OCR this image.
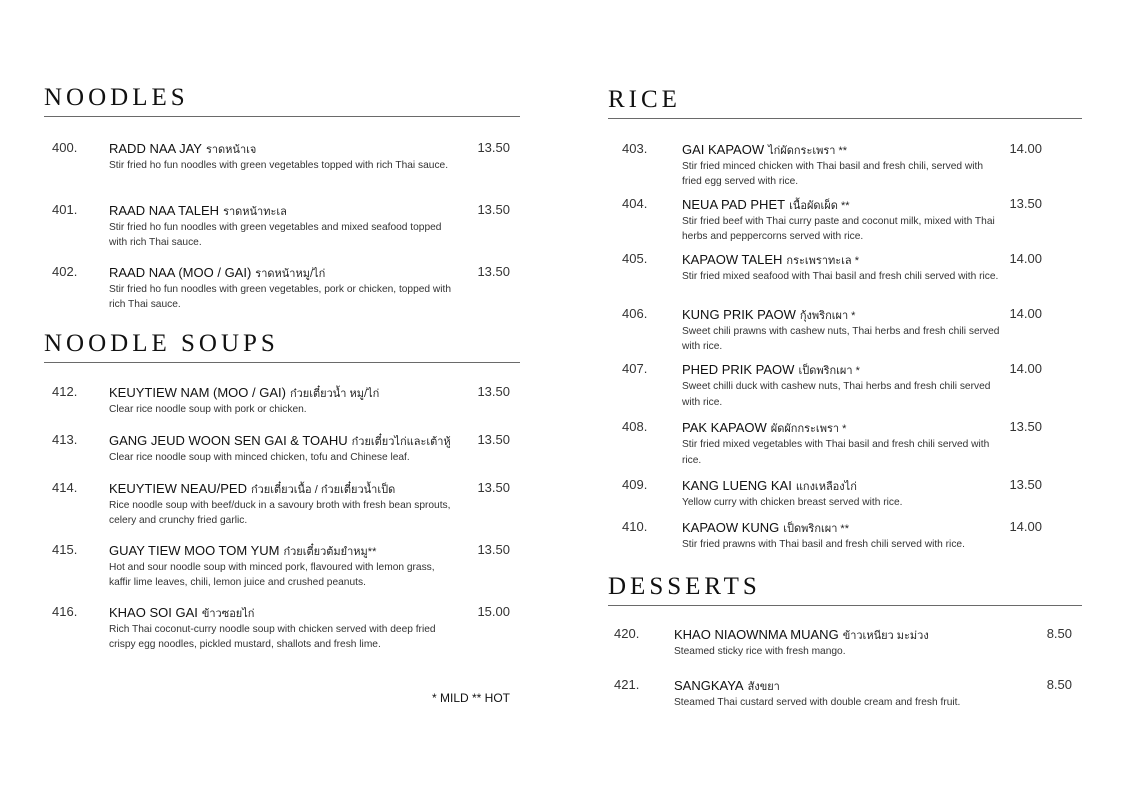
NOODLES
400. RADD NAA JAY ราดหน้าเจ	13.50
Stir fried ho fun noodles with green vegetables topped with rich Thai sauce.
401. RAAD NAA TALEH ราดหน้าทะเล	13.50
Stir fried ho fun noodles with green vegetables and mixed seafood topped with rich Thai sauce.
402. RAAD NAA (MOO / GAI) ราดหน้าหมู/ไก่	13.50
Stir fried ho fun noodles with green vegetables, pork or chicken, topped with rich Thai sauce.
NOODLE SOUPS
412. KEUYTIEW NAM (MOO / GAI) ก๋วยเตี๋ยวน้ำ หมู/ไก่	13.50
Clear rice noodle soup with pork or chicken.
413. GANG JEUD WOON SEN GAI & TOAHU ก๋วยเตี๋ยวไก่และเต้าหู้ 13.50
Clear rice noodle soup with minced chicken, tofu and Chinese leaf.
414. KEUYTIEW NEAU/PED ก๋วยเตี๋ยวเนื้อ / ก๋วยเตี๋ยวน้ำเป็ด	13.50
Rice noodle soup with beef/duck in a savoury broth with fresh bean sprouts, celery and crunchy fried garlic.
415. GUAY TIEW MOO TOM YUM ก๋วยเตี๋ยวต้มยำหมู**	13.50
Hot and sour noodle soup with minced pork, flavoured with lemon grass, kaffir lime leaves, chili, lemon juice and crushed peanuts.
416. KHAO SOI GAI ข้าวซอยไก่	15.00
Rich Thai coconut-curry noodle soup with chicken served with deep fried crispy egg noodles, pickled mustard, shallots and fresh lime.
* MILD ** HOT
RICE
403.	GAI KAPAOW ไก่ผัดกระเพรา **	14.00
Stir fried minced chicken with Thai basil and fresh chili, served with fried egg served with rice.
404.	NEUA PAD PHET เนื้อผัดเผ็ด **	13.50
Stir fried beef with Thai curry paste and coconut milk, mixed with Thai herbs and peppercorns served with rice.
405.	KAPAOW TALEH กระเพราทะเล *	14.00
Stir fried mixed seafood with Thai basil and fresh chili served with rice.
406.	KUNG PRIK PAOW กุ้งพริกเผา *	14.00
Sweet chili prawns with cashew nuts, Thai herbs and fresh chili served with rice.
407.	PHED PRIK PAOW เป็ดพริกเผา *	14.00
Sweet chilli duck with cashew nuts, Thai herbs and fresh chili served with rice.
408.	PAK KAPAOW ผัดผักกระเพรา *	13.50
Stir fried mixed vegetables with Thai basil and fresh chili served with rice.
409.	KANG LUENG KAI แกงเหลืองไก่	13.50
Yellow curry with chicken breast served with rice.
410.	KAPAOW KUNG เป็ดพริกเผา **	14.00
Stir fried prawns with Thai basil and fresh chili served with rice.
DESSERTS
420.	KHAO NIAOWNMA MUANG ข้าวเหนียว มะม่วง	8.50
Steamed sticky rice with fresh mango.
421.	SANGKAYA สังขยา	8.50
Steamed Thai custard served with double cream and fresh fruit.
